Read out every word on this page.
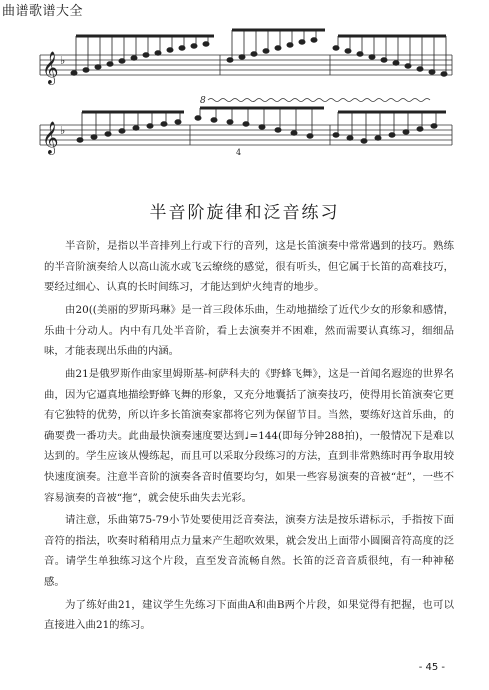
曲谱歌谱大全
𝄞 ♭
𝄞 ♭
8
4
半音阶旋律和泛音练习

半音阶，是指以半音排列上行或下行的音列，这是长笛演奏中常常遇到的技巧。熟练的半音阶演奏给人以高山流水或飞云缭绕的感觉，很有听头，但它属于长笛的高难技巧，要经过细心、认真的长时间练习，才能达到炉火纯青的地步。

由20((美丽的罗斯玛琳》是一首三段体乐曲，生动地描绘了近代少女的形象和感情，乐曲十分动人。内中有几处半音阶，看上去演奏并不困难，然而需要认真练习，细细品味，才能表现出乐曲的内涵。

曲21是俄罗斯作曲家里姆斯基-柯萨科夫的《野蜂飞舞》，这是一首闻名遐迩的世界名曲，因为它逼真地描绘野蜂飞舞的形象，又充分地囊括了演奏技巧，使得用长笛演奏它更有它独特的优势，所以许多长笛演奏家都将它列为保留节目。当然，要练好这首乐曲，的确要费一番功夫。此曲最快演奏速度要达到♩=144(即每分钟288拍)，一般情况下是难以达到的。学生应该从慢练起，而且可以采取分段练习的方法，直到非常熟练时再争取用较快速度演奏。注意半音阶的演奏各音时值要均匀，如果一些容易演奏的音被“赶”，一些不容易演奏的音被“拖”，就会使乐曲失去光彩。

请注意，乐曲第75-79小节处要使用泛音奏法，演奏方法是按乐谱标示，手指按下面音符的指法，吹奏时稍稍用点力量来产生超吹效果，就会发出上面带小圆圈音符高度的泛音。请学生单独练习这个片段，直至发音流畅自然。长笛的泛音音质很纯，有一种神秘感。

为了练好曲21，建议学生先练习下面曲A和曲B两个片段，如果觉得有把握，也可以直接进入曲21的练习。

- 45 -
